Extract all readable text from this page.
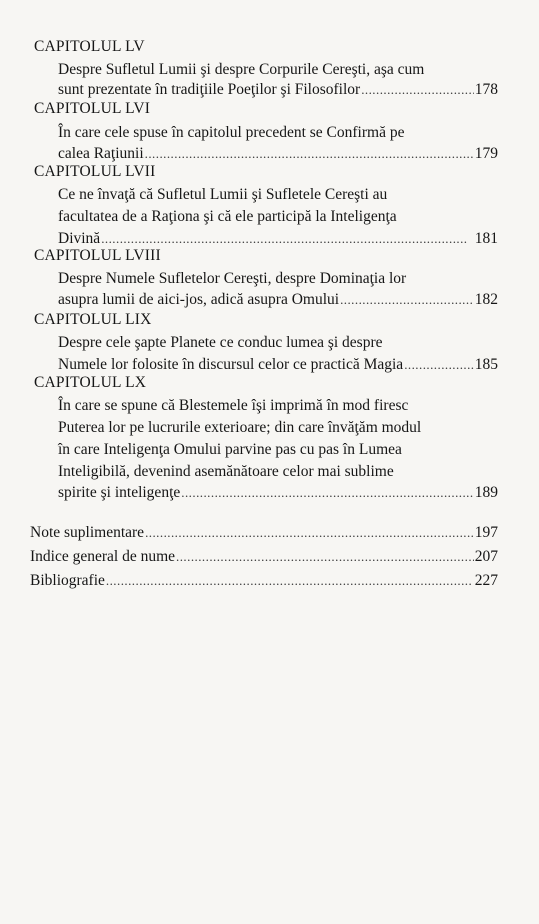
CAPITOLUL LV
Despre Sufletul Lumii şi despre Corpurile Cereşti, aşa cum
sunt prezentate în tradiţiile Poeţilor şi Filosofilor . . .	178
CAPITOLUL LVI
În care cele spuse în capitolul precedent se Confirmă pe
calea Raţiunii . . .	179
CAPITOLUL LVII
Ce ne învaţă că Sufletul Lumii şi Sufletele Cereşti au
facultatea de a Raţiona şi că ele participă la Inteligenţa
Divină . . .	181
CAPITOLUL LVIII
Despre Numele Sufletelor Cereşti, despre Dominaţia lor
asupra lumii de aici-jos, adică asupra Omului . . .	182
CAPITOLUL LIX
Despre cele şapte Planete ce conduc lumea şi despre
Numele lor folosite în discursul celor ce practică Magia . . .	185
CAPITOLUL LX
În care se spune că Blestemele îşi imprimă în mod firesc
Puterea lor pe lucrurile exterioare; din care învăţăm modul
în care Inteligenţa Omului parvine pas cu pas în Lumea
Inteligibilă, devenind asemănătoare celor mai sublime
spirite şi inteligenţe . . .	189
Note suplimentare . . .	197
Indice general de nume . . .	207
Bibliografie . . .	227
